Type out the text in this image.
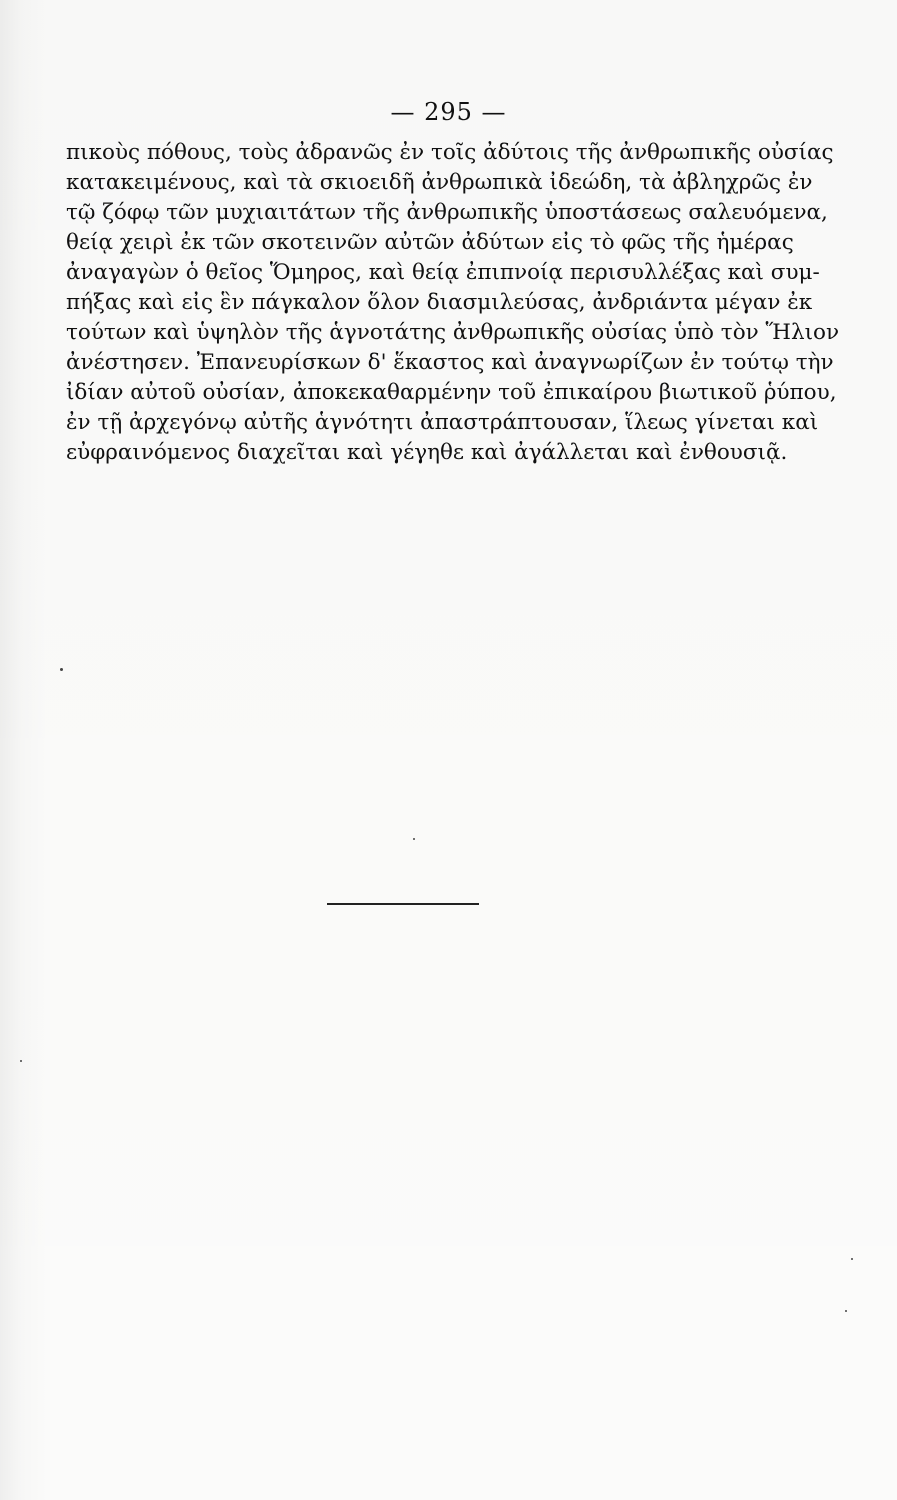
— 295 —
πικοὺς πόθους, τοὺς ἀδρανῶς ἐν τοῖς ἀδύτοις τῆς ἀνθρωπικῆς οὐσίας
κατακειμένους, καὶ τὰ σκιοειδῆ ἀνθρωπικὰ ἰδεώδη, τὰ ἀβληχρῶς ἐν
τῷ ζόφῳ τῶν μυχιαιτάτων τῆς ἀνθρωπικῆς ὑποστάσεως σαλευόμενα,
θείᾳ χειρὶ ἐκ τῶν σκοτεινῶν αὐτῶν ἀδύτων εἰς τὸ φῶς τῆς ἡμέρας
ἀναγαγὼν ὁ θεῖος Ὅμηρος, καὶ θείᾳ ἐπιπνοίᾳ περισυλλέξας καὶ συμ-
πήξας καὶ εἰς ἓν πάγκαλον ὅλον διασμιλεύσας, ἀνδριάντα μέγαν ἐκ
τούτων καὶ ὑψηλὸν τῆς ἁγνοτάτης ἀνθρωπικῆς οὐσίας ὑπὸ τὸν Ἥλιον
ἀνέστησεν. Ἐπανευρίσκων δ' ἕκαστος καὶ ἀναγνωρίζων ἐν τούτῳ τὴν
ἰδίαν αὐτοῦ οὐσίαν, ἀποκεκαθαρμένην τοῦ ἐπικαίρου βιωτικοῦ ῥύπου,
ἐν τῇ ἀρχεγόνῳ αὐτῆς ἁγνότητι ἀπαστράπτουσαν, ἵλεως γίνεται καὶ
εὐφραινόμενος διαχεῖται καὶ γέγηθε καὶ ἀγάλλεται καὶ ἐνθουσιᾷ.
